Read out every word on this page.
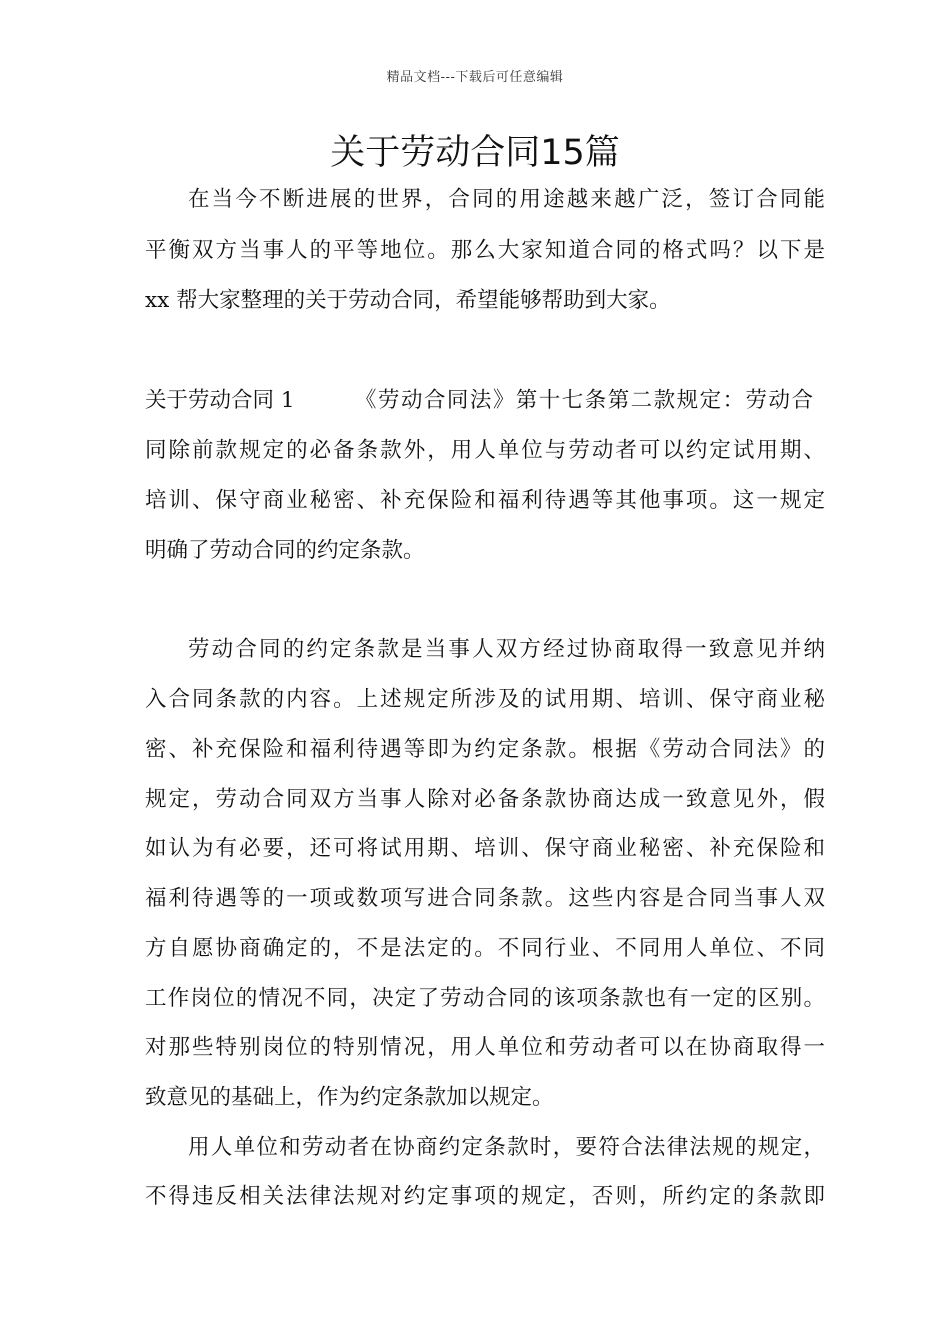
精品文档---下载后可任意编辑
关于劳动合同15篇
在当今不断进展的世界，合同的用途越来越广泛，签订合同能
平衡双方当事人的平等地位。那么大家知道合同的格式吗？以下是
xx 帮大家整理的关于劳动合同，希望能够帮助到大家。
关于劳动合同 1	《劳动合同法》第十七条第二款规定：劳动合
同除前款规定的必备条款外，用人单位与劳动者可以约定试用期、
培训、保守商业秘密、补充保险和福利待遇等其他事项。这一规定
明确了劳动合同的约定条款。
劳动合同的约定条款是当事人双方经过协商取得一致意见并纳
入合同条款的内容。上述规定所涉及的试用期、培训、保守商业秘
密、补充保险和福利待遇等即为约定条款。根据《劳动合同法》的
规定，劳动合同双方当事人除对必备条款协商达成一致意见外，假
如认为有必要，还可将试用期、培训、保守商业秘密、补充保险和
福利待遇等的一项或数项写进合同条款。这些内容是合同当事人双
方自愿协商确定的，不是法定的。不同行业、不同用人单位、不同
工作岗位的情况不同，决定了劳动合同的该项条款也有一定的区别。
对那些特别岗位的特别情况，用人单位和劳动者可以在协商取得一
致意见的基础上，作为约定条款加以规定。
用人单位和劳动者在协商约定条款时，要符合法律法规的规定，
不得违反相关法律法规对约定事项的规定，否则，所约定的条款即
